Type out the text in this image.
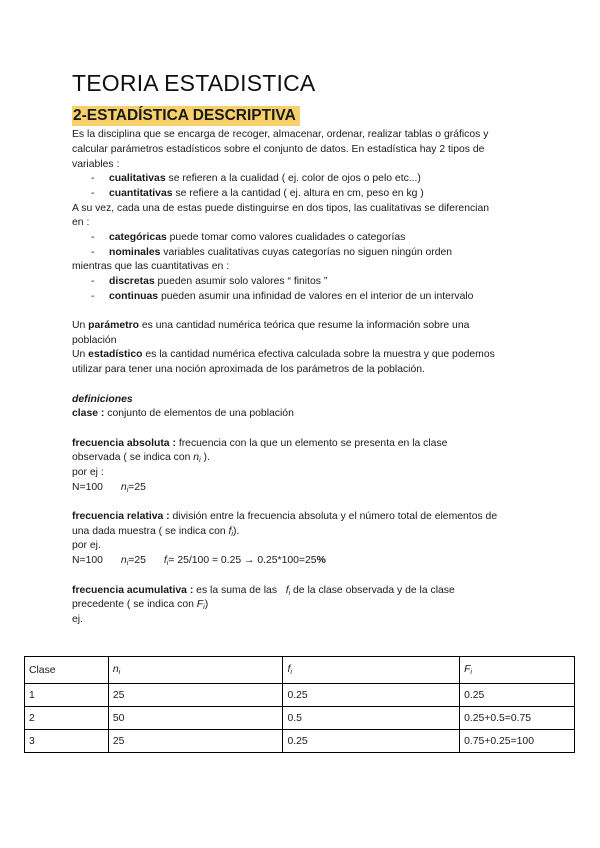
TEORIA ESTADISTICA
2-ESTADÍSTICA DESCRIPTIVA
Es la disciplina que se encarga de recoger, almacenar, ordenar, realizar tablas o gráficos y
calcular parámetros estadísticos sobre el conjunto de datos. En estadística hay 2 tipos de
variables :
- cualitativas se refieren a la cualidad ( ej. color de ojos o pelo etc...)
- cuantitativas se refiere a la cantidad ( ej. altura en cm, peso en kg )
A su vez, cada una de estas puede distinguirse en dos tipos, las cualitativas se diferencian
en :
- categóricas puede tomar como valores cualidades o categorías
- nominales variables cualitativas cuyas categorías no siguen ningún orden
mientras que las cuantitativas en :
- discretas pueden asumir solo valores “ finitos ”
- continuas pueden asumir una infinidad de valores en el interior de un intervalo
Un parámetro es una cantidad numérica teórica que resume la información sobre una
población
Un estadístico es la cantidad numérica efectiva calculada sobre la muestra y que podemos
utilizar para tener una noción aproximada de los parámetros de la población.
definiciones
clase : conjunto de elementos de una población
frecuencia absoluta : frecuencia con la que un elemento se presenta en la clase
observada ( se indica con $n_i$ ).
por ej :
N=100 $n_i=25$
frecuencia relativa : división entre la frecuencia absoluta y el número total de elementos de
una dada muestra ( se indica con $f_i$).
por ej.
N=100 $n_i=25$ $f_i= 25/100 = 0.25 \to 0.25*100=25\%$
frecuencia acumulativa : es la suma de las   $f_i$ de la clase observada y de la clase
precedente ( se indica con $F_i$)
ej.
Clase	$n_i$	$f_i$	$F_i$
1	25	0.25	0.25
2	50	0.5	0.25+0.5=0.75
3	25	0.25	0.75+0.25=100
